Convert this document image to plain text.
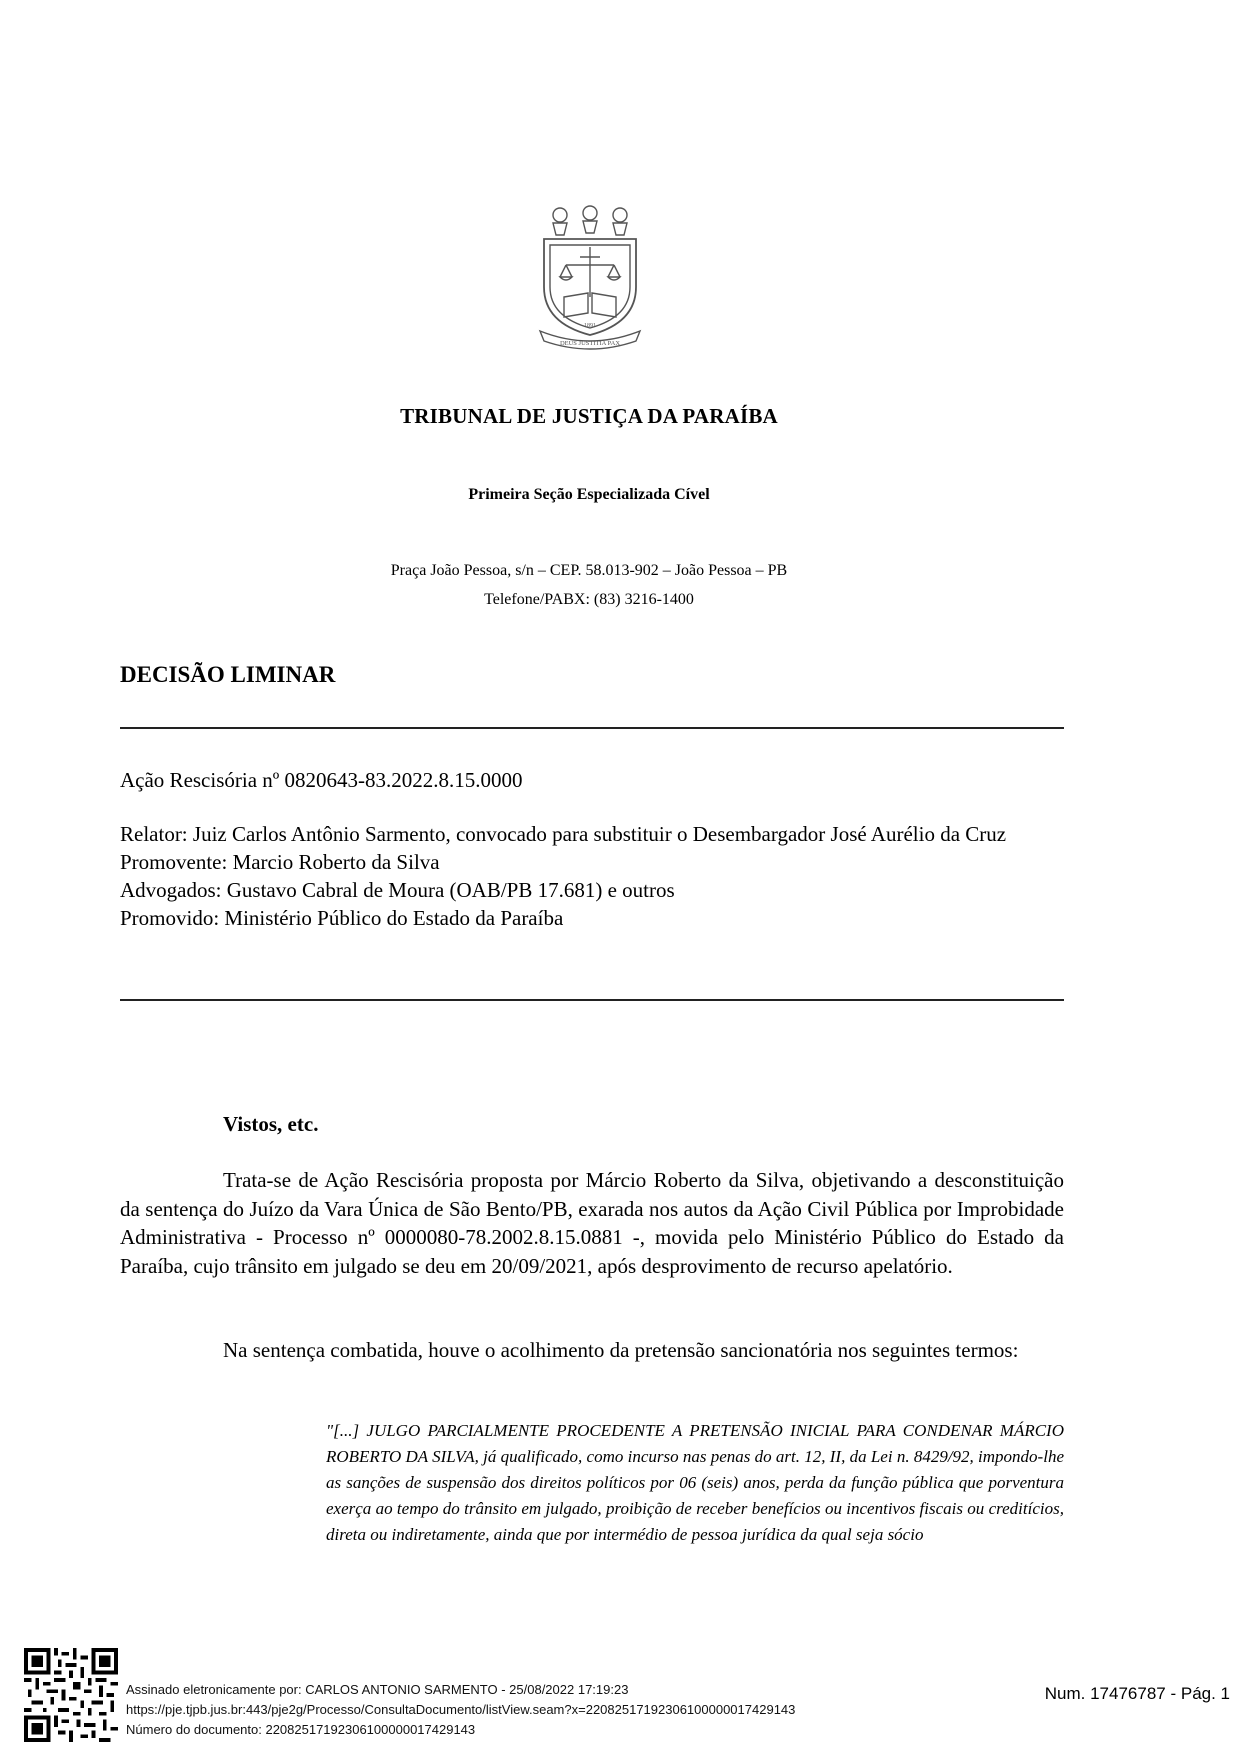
1891
DEUS JUSTITIA PAX
TRIBUNAL DE JUSTIÇA DA PARAÍBA
Primeira Seção Especializada Cível
Praça João Pessoa, s/n – CEP. 58.013-902 – João Pessoa – PB
Telefone/PABX: (83) 3216-1400
DECISÃO LIMINAR
Ação Rescisória nº 0820643-83.2022.8.15.0000
Relator: Juiz Carlos Antônio Sarmento, convocado para substituir o Desembargador José Aurélio da Cruz
Promovente: Marcio Roberto da Silva
Advogados: Gustavo Cabral de Moura (OAB/PB 17.681) e outros
Promovido: Ministério Público do Estado da Paraíba
Vistos, etc.
Trata-se de Ação Rescisória proposta por Márcio Roberto da Silva, objetivando a desconstituição da sentença do Juízo da Vara Única de São Bento/PB, exarada nos autos da Ação Civil Pública por Improbidade Administrativa - Processo nº 0000080-78.2002.8.15.0881 -, movida pelo Ministério Público do Estado da Paraíba, cujo trânsito em julgado se deu em 20/09/2021, após desprovimento de recurso apelatório.
Na sentença combatida, houve o acolhimento da pretensão sancionatória nos seguintes termos:
"[...] JULGO PARCIALMENTE PROCEDENTE A PRETENSÃO INICIAL PARA CONDENAR MÁRCIO ROBERTO DA SILVA, já qualificado, como incurso nas penas do art. 12, II, da Lei n. 8429/92, impondo-lhe as sanções de suspensão dos direitos políticos por 06 (seis) anos, perda da função pública que porventura exerça ao tempo do trânsito em julgado, proibição de receber benefícios ou incentivos fiscais ou creditícios, direta ou indiretamente, ainda que por intermédio de pessoa jurídica da qual seja sócio
Assinado eletronicamente por: CARLOS ANTONIO SARMENTO - 25/08/2022 17:19:23
https://pje.tjpb.jus.br:443/pje2g/Processo/ConsultaDocumento/listView.seam?x=22082517192306100000017429143
Número do documento: 22082517192306100000017429143
Num. 17476787 - Pág. 1
